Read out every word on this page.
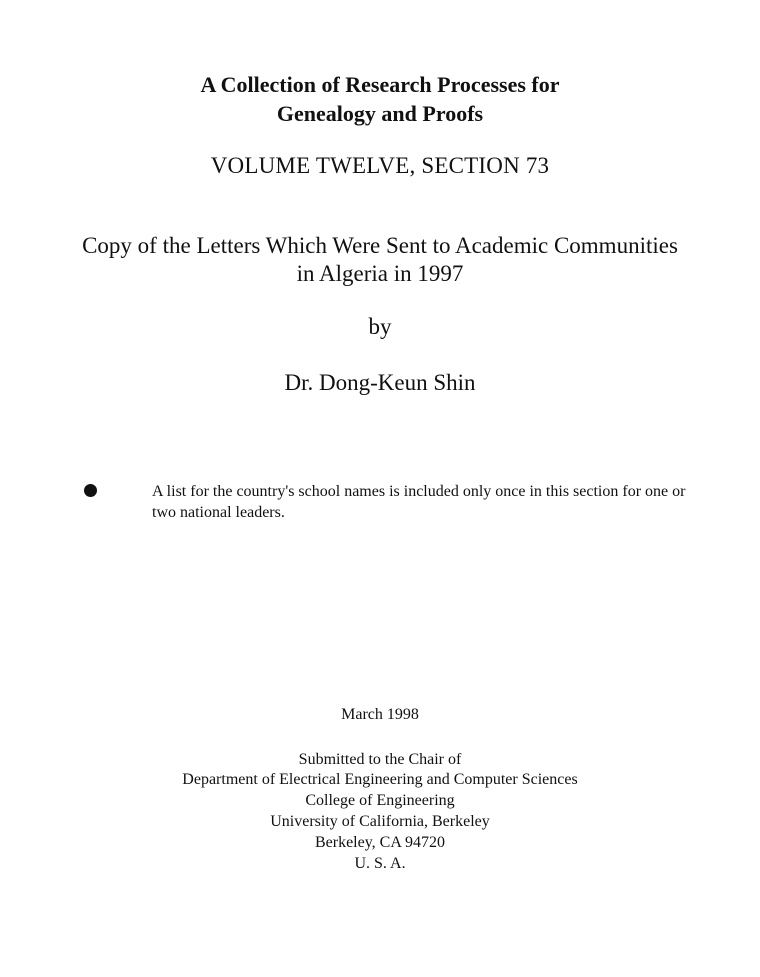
A Collection of Research Processes for
Genealogy and Proofs
VOLUME TWELVE, SECTION 73
Copy of the Letters Which Were Sent to Academic Communities
in Algeria in 1997
by
Dr. Dong-Keun Shin
A list for the country's school names is included only once in this section for one or two national leaders.
March 1998
Submitted to the Chair of
Department of Electrical Engineering and Computer Sciences
College of Engineering
University of California, Berkeley
Berkeley, CA 94720
U. S. A.
